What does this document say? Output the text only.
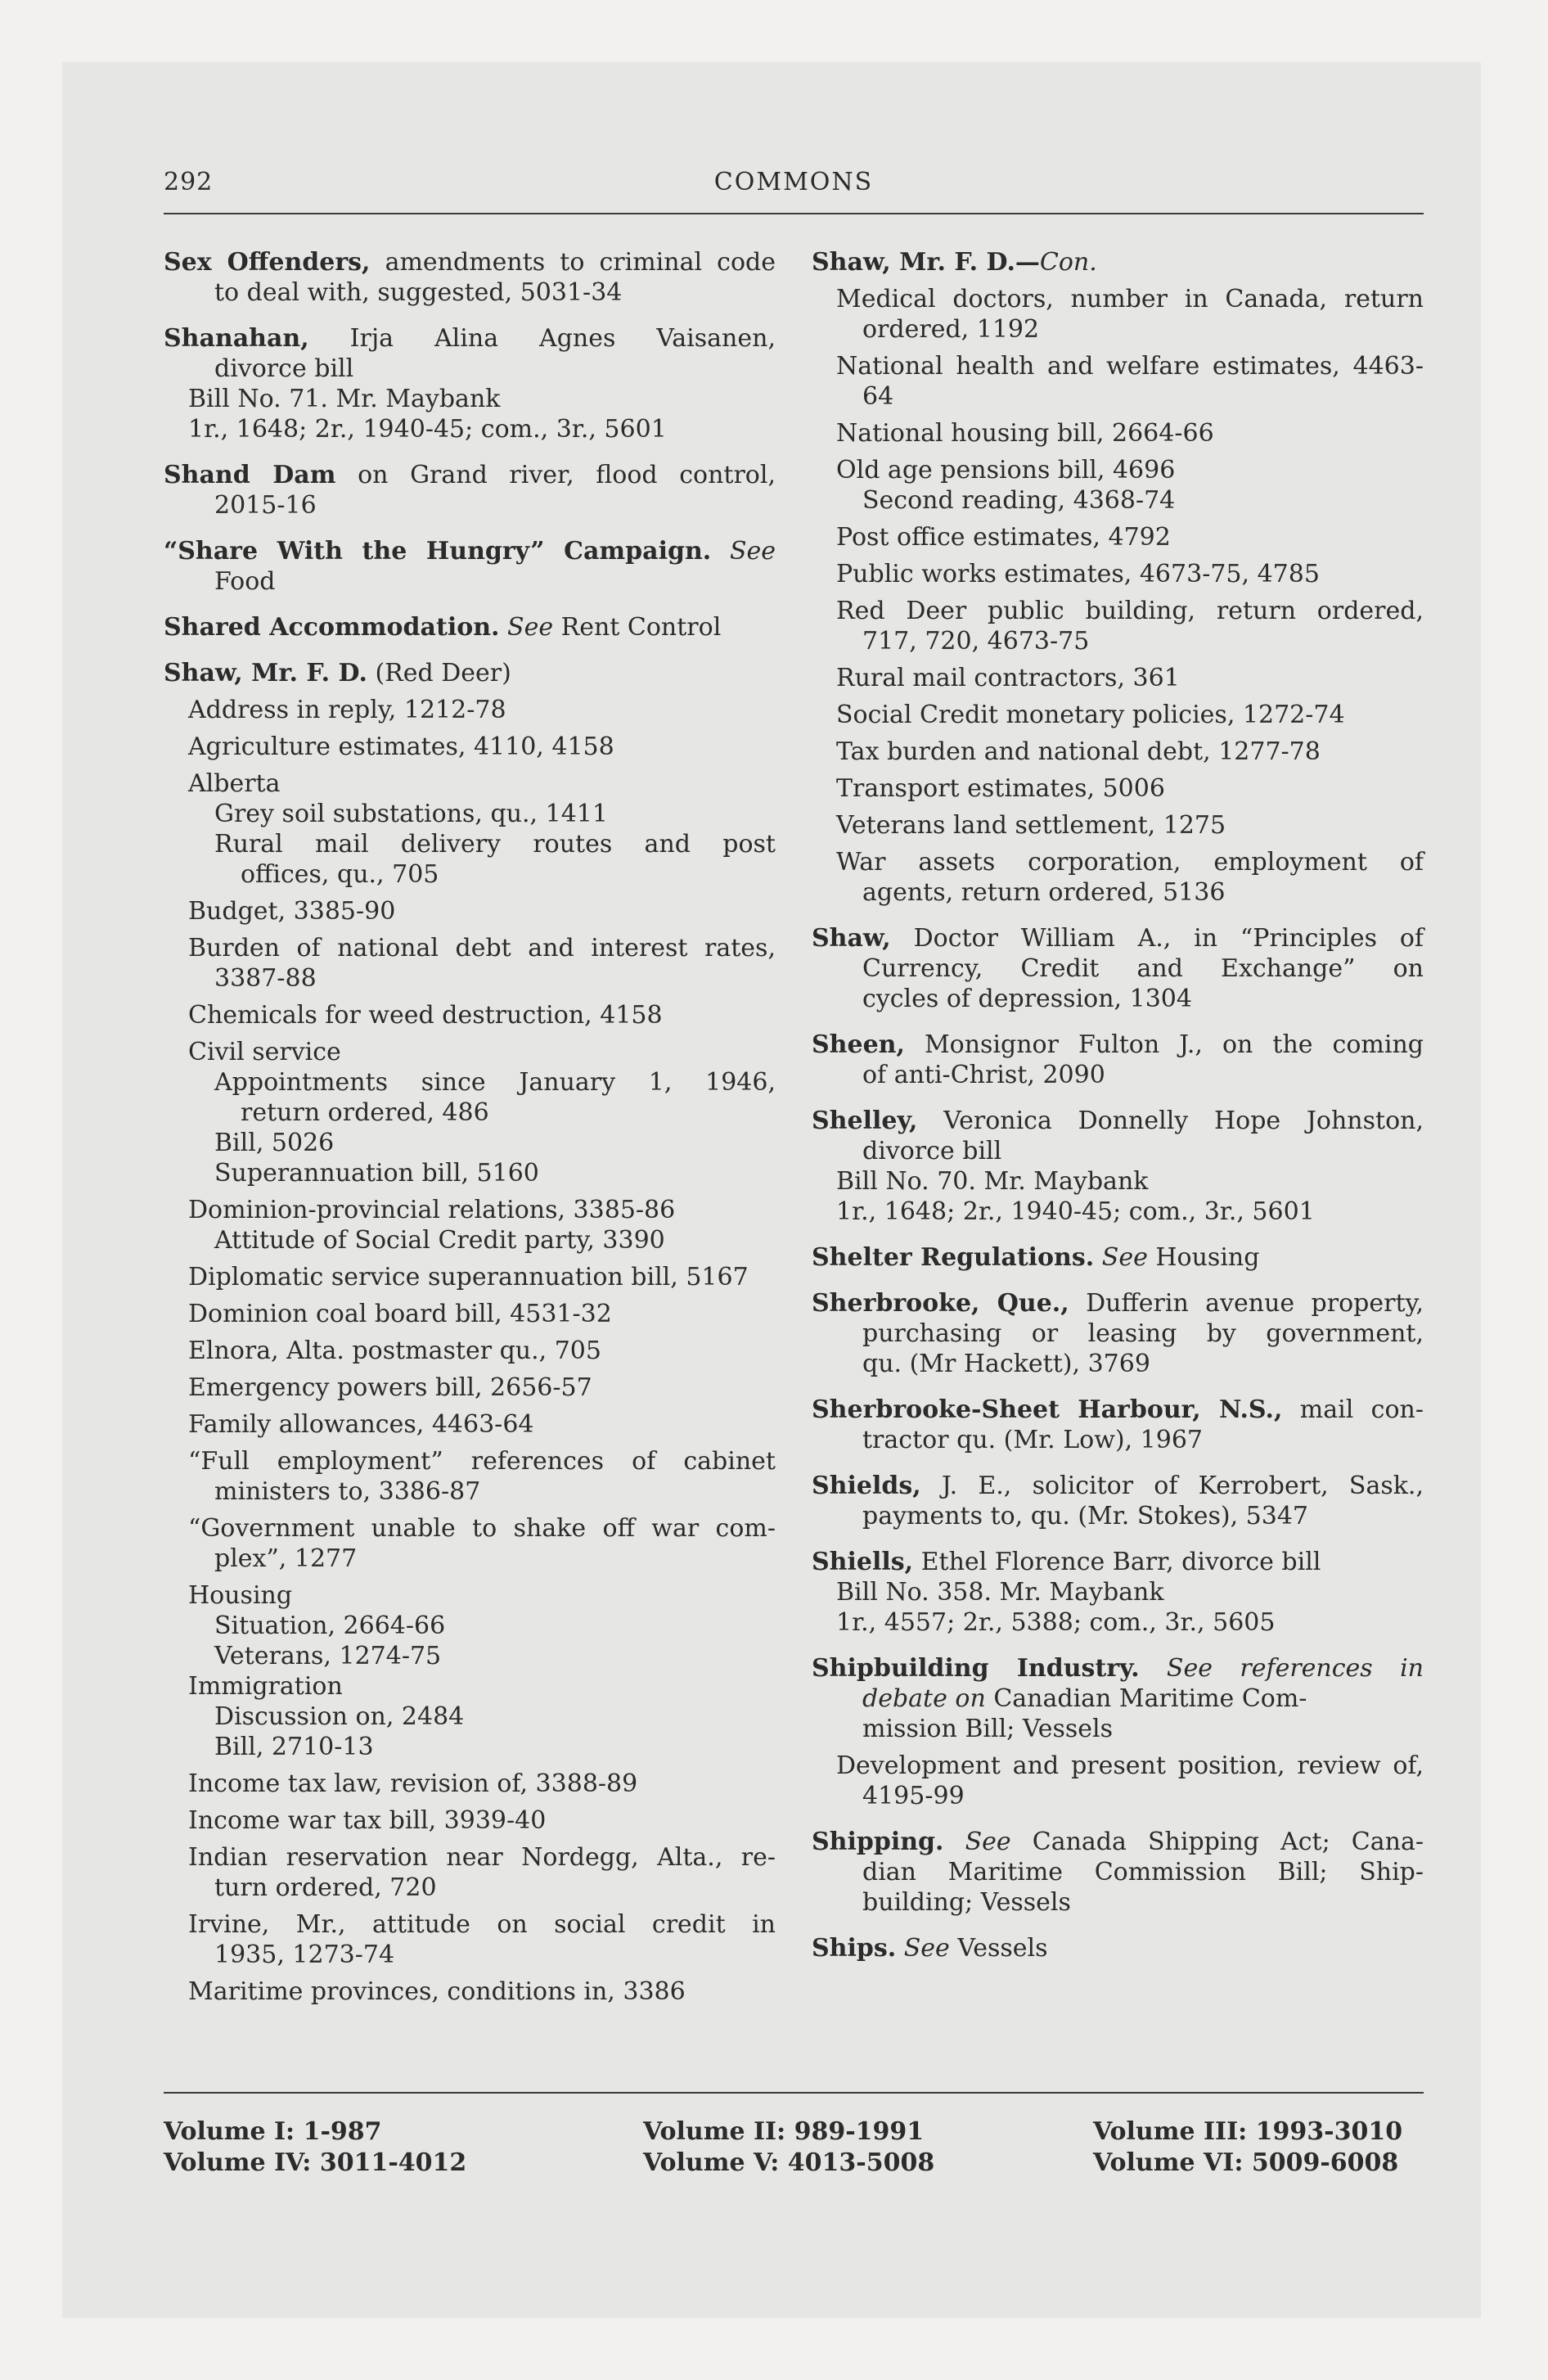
292	COMMONS
Sex Offenders, amendments to criminal code
to deal with, suggested, 5031-34
Shanahan, Irja Alina Agnes Vaisanen,
divorce bill
Bill No. 71. Mr. Maybank
1r., 1648; 2r., 1940-45; com., 3r., 5601
Shand Dam on Grand river, flood control,
2015-16
“Share With the Hungry” Campaign. See
Food
Shared Accommodation. See Rent Control
Shaw, Mr. F. D. (Red Deer)
Address in reply, 1212-78
Agriculture estimates, 4110, 4158
Alberta
Grey soil substations, qu., 1411
Rural mail delivery routes and post
offices, qu., 705
Budget, 3385-90
Burden of national debt and interest rates,
3387-88
Chemicals for weed destruction, 4158
Civil service
Appointments since January 1, 1946,
return ordered, 486
Bill, 5026
Superannuation bill, 5160
Dominion-provincial relations, 3385-86
Attitude of Social Credit party, 3390
Diplomatic service superannuation bill, 5167
Dominion coal board bill, 4531-32
Elnora, Alta. postmaster qu., 705
Emergency powers bill, 2656-57
Family allowances, 4463-64
“Full employment” references of cabinet
ministers to, 3386-87
“Government unable to shake off war com-
plex”, 1277
Housing
Situation, 2664-66
Veterans, 1274-75
Immigration
Discussion on, 2484
Bill, 2710-13
Income tax law, revision of, 3388-89
Income war tax bill, 3939-40
Indian reservation near Nordegg, Alta., re-
turn ordered, 720
Irvine, Mr., attitude on social credit in
1935, 1273-74
Maritime provinces, conditions in, 3386
Shaw, Mr. F. D.—Con.
Medical doctors, number in Canada, return
ordered, 1192
National health and welfare estimates, 4463-
64
National housing bill, 2664-66
Old age pensions bill, 4696
Second reading, 4368-74
Post office estimates, 4792
Public works estimates, 4673-75, 4785
Red Deer public building, return ordered,
717, 720, 4673-75
Rural mail contractors, 361
Social Credit monetary policies, 1272-74
Tax burden and national debt, 1277-78
Transport estimates, 5006
Veterans land settlement, 1275
War assets corporation, employment of
agents, return ordered, 5136
Shaw, Doctor William A., in “Principles of
Currency, Credit and Exchange” on
cycles of depression, 1304
Sheen, Monsignor Fulton J., on the coming
of anti-Christ, 2090
Shelley, Veronica Donnelly Hope Johnston,
divorce bill
Bill No. 70. Mr. Maybank
1r., 1648; 2r., 1940-45; com., 3r., 5601
Shelter Regulations. See Housing
Sherbrooke, Que., Dufferin avenue property,
purchasing or leasing by government,
qu. (Mr Hackett), 3769
Sherbrooke-Sheet Harbour, N.S., mail con-
tractor qu. (Mr. Low), 1967
Shields, J. E., solicitor of Kerrobert, Sask.,
payments to, qu. (Mr. Stokes), 5347
Shiells, Ethel Florence Barr, divorce bill
Bill No. 358. Mr. Maybank
1r., 4557; 2r., 5388; com., 3r., 5605
Shipbuilding Industry. See references in
debate on Canadian Maritime Com-
mission Bill; Vessels
Development and present position, review of,
4195-99
Shipping. See Canada Shipping Act; Cana-
dian Maritime Commission Bill; Ship-
building; Vessels
Ships. See Vessels
Volume I: 1-987
Volume IV: 3011-4012
Volume II: 989-1991
Volume V: 4013-5008
Volume III: 1993-3010
Volume VI: 5009-6008
